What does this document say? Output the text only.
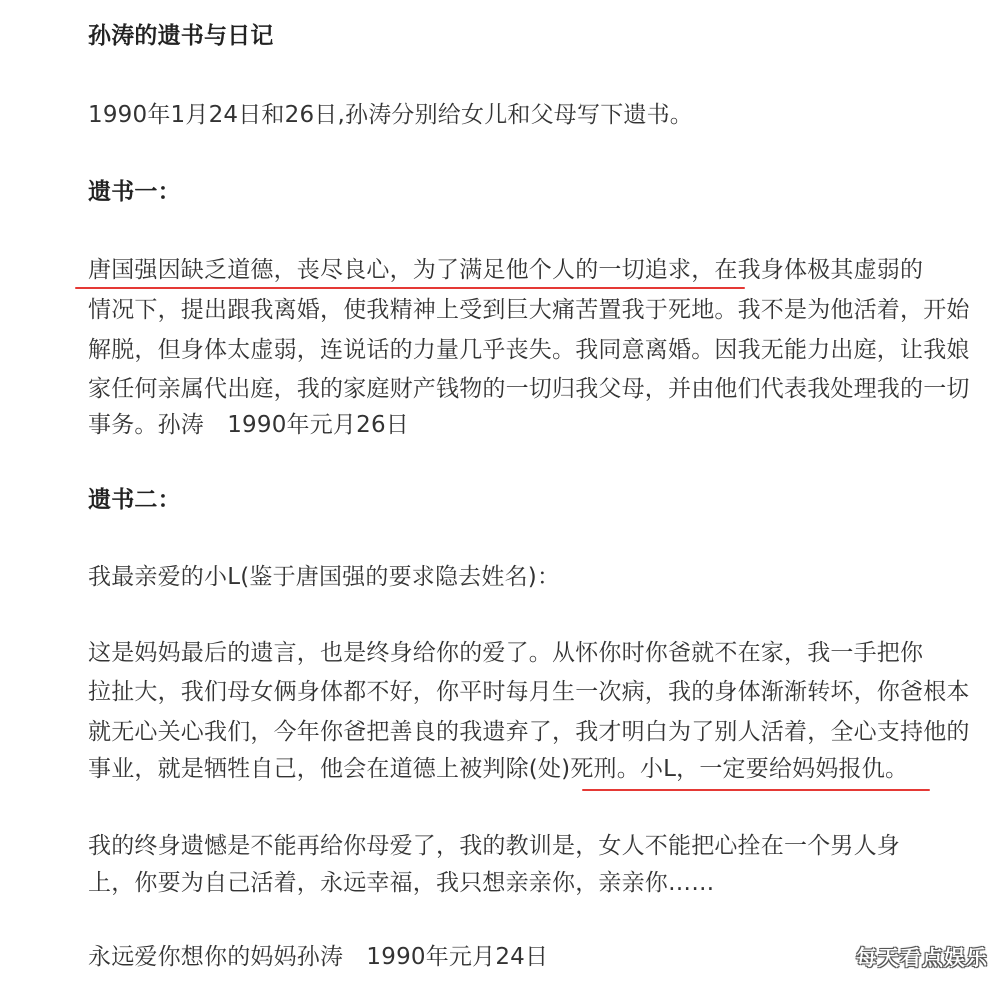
孙涛的遗书与日记
1990年1月24日和26日,孙涛分别给女儿和父母写下遗书。
遗书一：
唐国强因缺乏道德，丧尽良心，为了满足他个人的一切追求，在我身体极其虚弱的
情况下，提出跟我离婚，使我精神上受到巨大痛苦置我于死地。我不是为他活着，开始
解脱，但身体太虚弱，连说话的力量几乎丧失。我同意离婚。因我无能力出庭，让我娘
家任何亲属代出庭，我的家庭财产钱物的一切归我父母，并由他们代表我处理我的一切
事务。孙涛　1990年元月26日
遗书二：
我最亲爱的小L(鉴于唐国强的要求隐去姓名)：
这是妈妈最后的遗言，也是终身给你的爱了。从怀你时你爸就不在家，我一手把你
拉扯大，我们母女俩身体都不好，你平时每月生一次病，我的身体渐渐转坏，你爸根本
就无心关心我们，今年你爸把善良的我遗弃了，我才明白为了别人活着，全心支持他的
事业，就是牺牲自己，他会在道德上被判除(处)死刑。小L，一定要给妈妈报仇。
我的终身遗憾是不能再给你母爱了，我的教训是，女人不能把心拴在一个男人身
上，你要为自己活着，永远幸福，我只想亲亲你，亲亲你……
永远爱你想你的妈妈孙涛　1990年元月24日	每天看点娱乐
